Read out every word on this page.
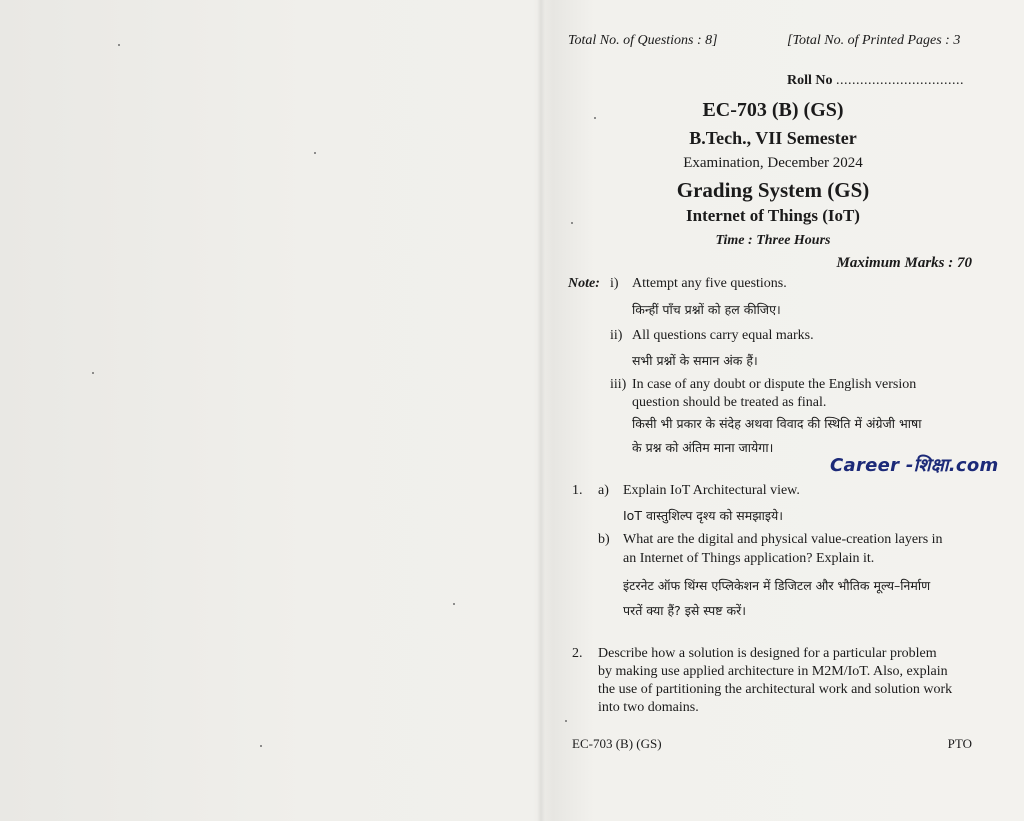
Total No. of Questions : 8]	[Total No. of Printed Pages : 3
Roll No ................................
EC-703 (B) (GS)
B.Tech., VII Semester
Examination, December 2024
Grading System (GS)
Internet of Things (IoT)
Time : Three Hours
Maximum Marks : 70
Note: i) Attempt any five questions.
किन्हीं पाँच प्रश्नों को हल कीजिए।
ii) All questions carry equal marks.
सभी प्रश्नों के समान अंक हैं।
iii) In case of any doubt or dispute the English version
question should be treated as final.
किसी भी प्रकार के संदेह अथवा विवाद की स्थिति में अंग्रेजी भाषा
के प्रश्न को अंतिम माना जायेगा।
Career -शिक्षा.com
1. a) Explain IoT Architectural view.
IoT वास्तुशिल्प दृश्य को समझाइये।
b) What are the digital and physical value-creation layers in
an Internet of Things application? Explain it.
इंटरनेट ऑफ थिंग्स एप्लिकेशन में डिजिटल और भौतिक मूल्य–निर्माण
परतें क्या हैं? इसे स्पष्ट करें।
2. Describe how a solution is designed for a particular problem
by making use applied architecture in M2M/IoT. Also, explain
the use of partitioning the architectural work and solution work
into two domains.
EC-703 (B) (GS)	PTO
